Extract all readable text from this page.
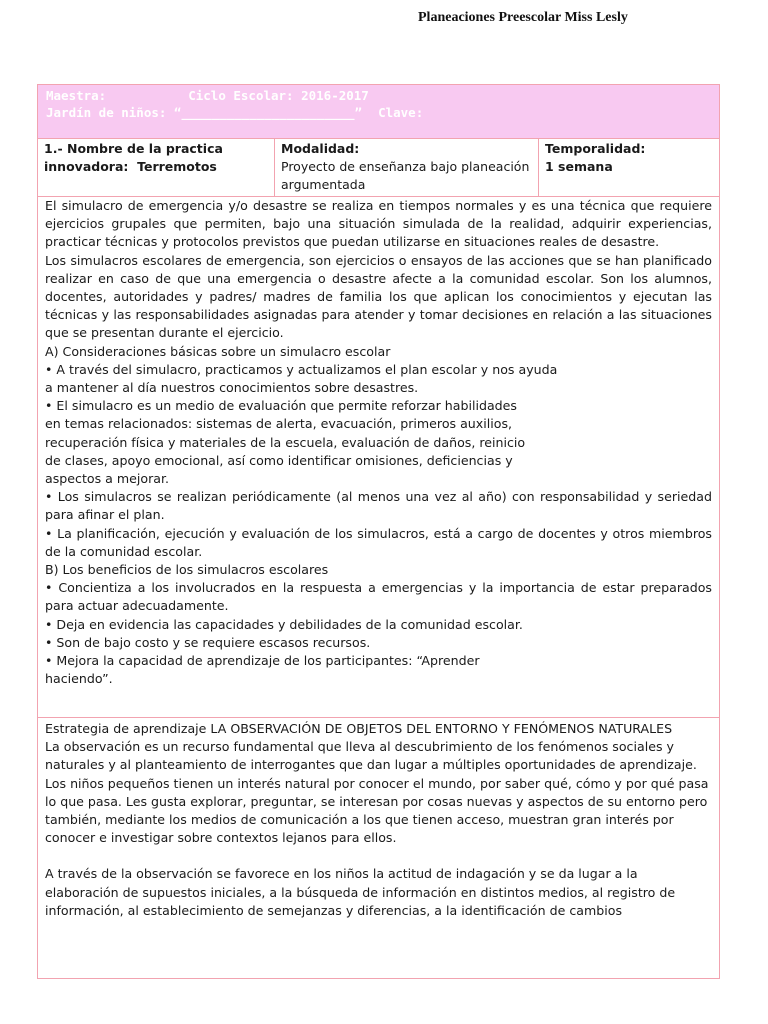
Planeaciones Preescolar Miss Lesly
Maestra:	Ciclo Escolar: 2016-2017
Jardín de niños: “_______________________” Clave:
1.- Nombre de la practica innovadora: Terremotos
Modalidad:
Proyecto de enseñanza bajo planeación argumentada
Temporalidad:
1 semana

El simulacro de emergencia y/o desastre se realiza en tiempos normales y es una técnica que requiere ejercicios grupales que permiten, bajo una situación simulada de la realidad, adquirir experiencias, practicar técnicas y protocolos previstos que puedan utilizarse en situaciones reales de desastre.

Los simulacros escolares de emergencia, son ejercicios o ensayos de las acciones que se han planificado realizar en caso de que una emergencia o desastre afecte a la comunidad escolar. Son los alumnos, docentes, autoridades y padres/ madres de familia los que aplican los conocimientos y ejecutan las técnicas y las responsabilidades asignadas para atender y tomar decisiones en relación a las situaciones que se presentan durante el ejercicio.

A) Consideraciones básicas sobre un simulacro escolar

• A través del simulacro, practicamos y actualizamos el plan escolar y nos ayuda

a mantener al día nuestros conocimientos sobre desastres.

• El simulacro es un medio de evaluación que permite reforzar habilidades

en temas relacionados: sistemas de alerta, evacuación, primeros auxilios,

recuperación física y materiales de la escuela, evaluación de daños, reinicio

de clases, apoyo emocional, así como identificar omisiones, deficiencias y

aspectos a mejorar.

• Los simulacros se realizan periódicamente (al menos una vez al año) con responsabilidad y seriedad para afinar el plan.

• La planificación, ejecución y evaluación de los simulacros, está a cargo de docentes y otros miembros de la comunidad escolar.

B) Los beneficios de los simulacros escolares

• Concientiza a los involucrados en la respuesta a emergencias y la importancia de estar preparados para actuar adecuadamente.

• Deja en evidencia las capacidades y debilidades de la comunidad escolar.

• Son de bajo costo y se requiere escasos recursos.

• Mejora la capacidad de aprendizaje de los participantes: “Aprender

haciendo”.

Estrategia de aprendizaje LA OBSERVACIÓN DE OBJETOS DEL ENTORNO Y FENÓMENOS NATURALES

La observación es un recurso fundamental que lleva al descubrimiento de los fenómenos sociales y naturales y al planteamiento de interrogantes que dan lugar a múltiples oportunidades de aprendizaje. Los niños pequeños tienen un interés natural por conocer el mundo, por saber qué, cómo y por qué pasa lo que pasa. Les gusta explorar, preguntar, se interesan por cosas nuevas y aspectos de su entorno pero también, mediante los medios de comunicación a los que tienen acceso, muestran gran interés por conocer e investigar sobre contextos lejanos para ellos.

A través de la observación se favorece en los niños la actitud de indagación y se da lugar a la elaboración de supuestos iniciales, a la búsqueda de información en distintos medios, al registro de información, al establecimiento de semejanzas y diferencias, a la identificación de cambios
